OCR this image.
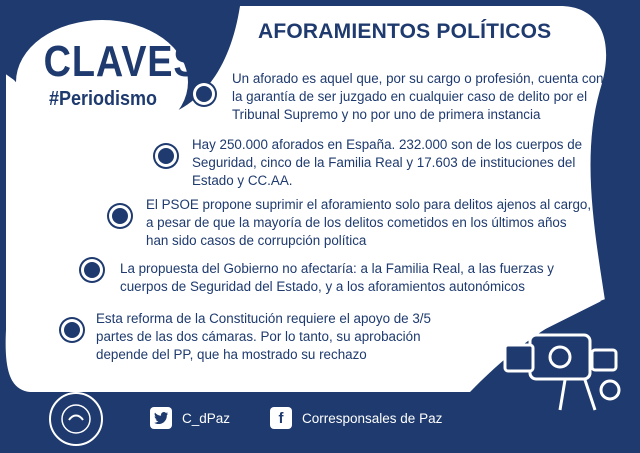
CLAVES
#Periodismo
AFORAMIENTOS POLÍTICOS
Un aforado es aquel que, por su cargo o profesión, cuenta con la garantía de ser juzgado en cualquier caso de delito por el Tribunal Supremo y no por uno de primera instancia
Hay 250.000 aforados en España. 232.000 son de los cuerpos de Seguridad, cinco de la Familia Real y 17.603 de instituciones del Estado y CC.AA.
El PSOE propone suprimir el aforamiento solo para delitos ajenos al cargo, a pesar de que la mayoría de los delitos cometidos en los últimos años han sido casos de corrupción política
La propuesta del Gobierno no afectaría: a la Familia Real, a las fuerzas y cuerpos de Seguridad del Estado, y a los aforamientos autonómicos
Esta reforma de la Constitución requiere el apoyo de 3/5 partes de las dos cámaras. Por lo tanto, su aprobación depende del PP, que ha mostrado su rechazo
C_dPaz	f	Corresponsales de Paz
